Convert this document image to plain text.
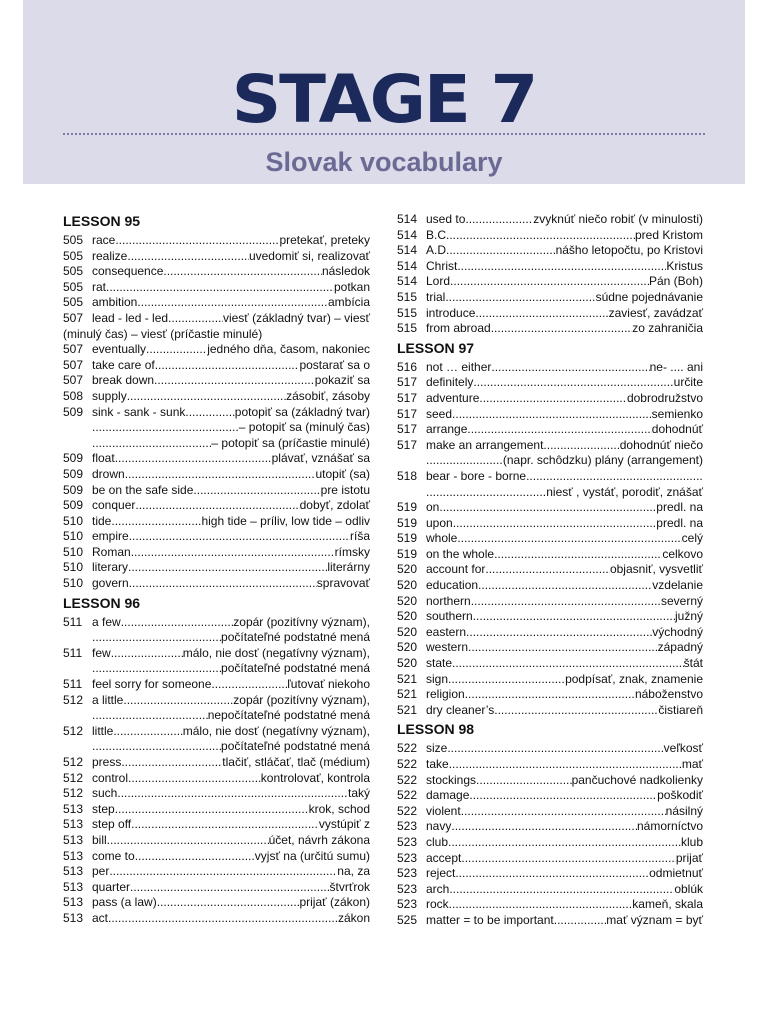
STAGE 7
Slovak vocabulary
LESSON 95
505 race .....	pretekať, preteky
505 realize .....	uvedomiť si, realizovať
505 consequence .....	následok
505 rat .....	potkan
505 ambition .....	ambícia
507 lead - led - led .....	viesť (základný tvar) – viesť
(minulý čas) – viesť (príčastie minulé)
507 eventually .....	jedného dňa, časom, nakoniec
507 take care of .....	postarať sa o
507 break down .....	pokaziť sa
508 supply .....	zásobiť, zásoby
509 sink - sank - sunk .....	potopiť sa (základný tvar)
.....
– potopiť sa (minulý čas)
.....
– potopiť sa (príčastie minulé)
509 float .....	plávať, vznášať sa
509 drown .....	utopiť (sa)
509 be on the safe side .....	pre istotu
509 conquer .....	dobyť, zdolať
510 tide .....	high tide – príliv, low tide – odliv
510 empire .....	ríša
510 Roman .....	rímsky
510 literary .....	literárny
510 govern .....	spravovať
LESSON 96
511 a few .....	zopár (pozitívny význam),
.....
počítateľné podstatné mená
511 few .....	málo, nie dosť (negatívny význam),
.....
počítateľné podstatné mená
511 feel sorry for someone .....	ľutovať niekoho
512 a little .....	zopár (pozitívny význam),
.....
nepočítateľné podstatné mená
512 little .....	málo, nie dosť (negatívny význam),
.....
počítateľné podstatné mená
512 press .....	tlačiť, stláčať, tlač (médium)
512 control .....	kontrolovať, kontrola
512 such .....	taký
513 step .....	krok, schod
513 step off .....	vystúpiť z
513 bill .....	účet, návrh zákona
513 come to .....	vyjsť na (určitú sumu)
513 per .....	na, za
513 quarter .....	štvrťrok
513 pass (a law) .....	prijať (zákon)
513 act .....	zákon
514 used to .....	zvyknúť niečo robiť (v minulosti)
514 B.C. .....	pred Kristom
514 A.D. .....	nášho letopočtu, po Kristovi
514 Christ .....	Kristus
514 Lord .....	Pán (Boh)
515 trial .....	súdne pojednávanie
515 introduce .....	zaviesť, zavádzať
515 from abroad .....	zo zahraničia
LESSON 97
516 not … either .....	ne- .... ani
517 definitely .....	určite
517 adventure .....	dobrodružstvo
517 seed .....	semienko
517 arrange .....	dohodnúť
517 make an arrangement .....	dohodnúť niečo
.....
(napr. schôdzku) plány (arrangement)
518 bear - bore - borne
.....
.....
niesť , vystáť, porodiť, znášať
519 on .....	predl. na
519 upon .....	predl. na
519 whole .....	celý
519 on the whole .....	celkovo
520 account for .....	objasniť, vysvetliť
520 education .....	vzdelanie
520 northern .....	severný
520 southern .....	južný
520 eastern .....	východný
520 western .....	západný
520 state .....	štát
521 sign .....	podpísať, znak, znamenie
521 religion .....	náboženstvo
521 dry cleaner’s .....	čistiareň
LESSON 98
522 size .....	veľkosť
522 take .....	mať
522 stockings .....	pančuchové nadkolienky
522 damage .....	poškodiť
522 violent .....	násilný
523 navy .....	námorníctvo
523 club .....	klub
523 accept .....	prijať
523 reject .....	odmietnuť
523 arch .....	oblúk
523 rock .....	kameň, skala
525 matter = to be important .....	mať význam = byť
